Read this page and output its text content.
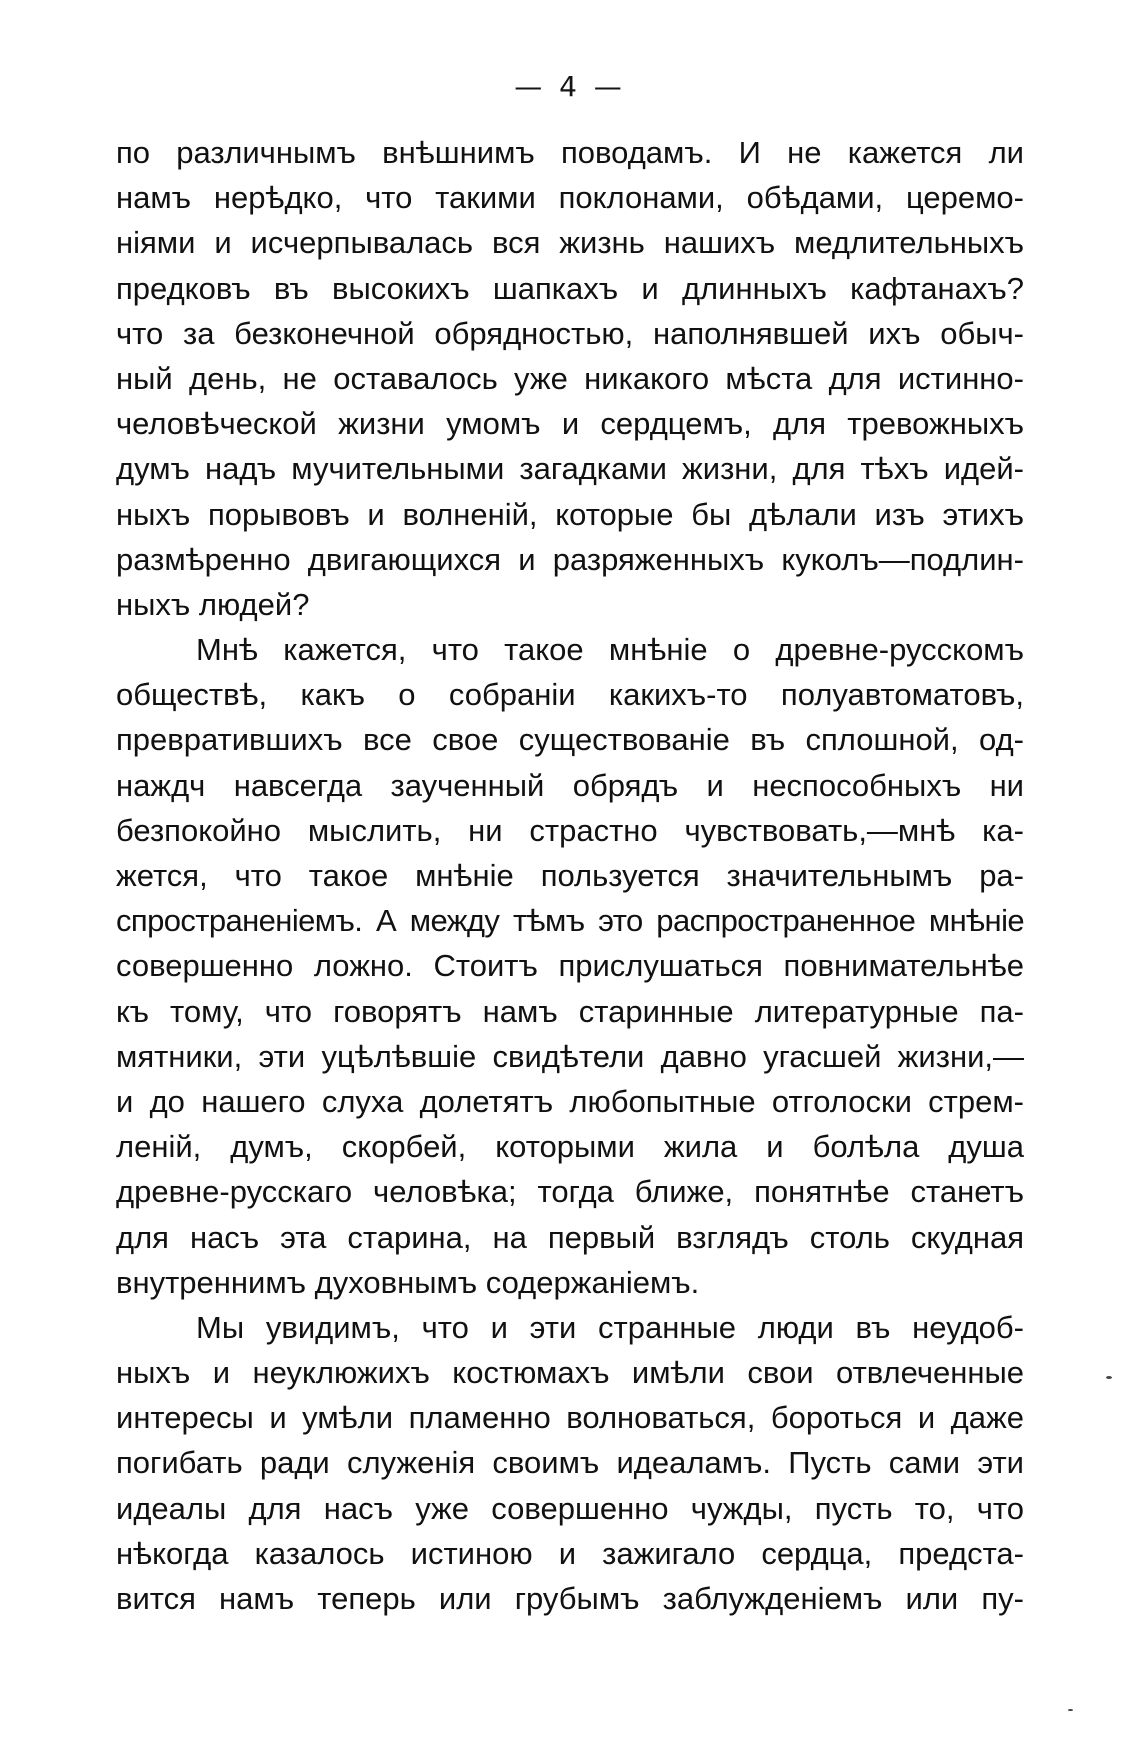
— 4 —
по различнымъ внѣшнимъ поводамъ. И не кажется ли
намъ нерѣдко, что такими поклонами, обѣдами, церемо-
ніями и исчерпывалась вся жизнь нашихъ медлительныхъ
предковъ въ высокихъ шапкахъ и длинныхъ кафтанахъ?
что за безконечной обрядностью, наполнявшей ихъ обыч-
ный день, не оставалось уже никакого мѣста для истинно-
человѣческой жизни умомъ и сердцемъ, для тревожныхъ
думъ надъ мучительными загадками жизни, для тѣхъ идей-
ныхъ порывовъ и волненій, которые бы дѣлали изъ этихъ
размѣренно двигающихся и разряженныхъ куколъ—подлин-
ныхъ людей?
Мнѣ кажется, что такое мнѣніе о древне-русскомъ
обществѣ, какъ о собраніи какихъ-то полуавтоматовъ,
превратившихъ все свое существованіе въ сплошной, од-
наждч навсегда заученный обрядъ и неспособныхъ ни
безпокойно мыслить, ни страстно чувствовать,—мнѣ ка-
жется, что такое мнѣніе пользуется значительнымъ ра-
спространеніемъ. А между тѣмъ это распространенное мнѣніе
совершенно ложно. Стоитъ прислушаться повнимательнѣе
къ тому, что говорятъ намъ старинные литературные па-
мятники, эти уцѣлѣвшіе свидѣтели давно угасшей жизни,—
и до нашего слуха долетятъ любопытные отголоски стрем-
леній, думъ, скорбей, которыми жила и болѣла душа
древне-русскаго человѣка; тогда ближе, понятнѣе станетъ
для насъ эта старина, на первый взглядъ столь скудная
внутреннимъ духовнымъ содержаніемъ.
Мы увидимъ, что и эти странные люди въ неудоб-
ныхъ и неуклюжихъ костюмахъ имѣли свои отвлеченные
интересы и умѣли пламенно волноваться, бороться и даже
погибать ради служенія своимъ идеаламъ. Пусть сами эти
идеалы для насъ уже совершенно чужды, пусть то, что
нѣкогда казалось истиною и зажигало сердца, предста-
вится намъ теперь или грубымъ заблужденіемъ или пу-
